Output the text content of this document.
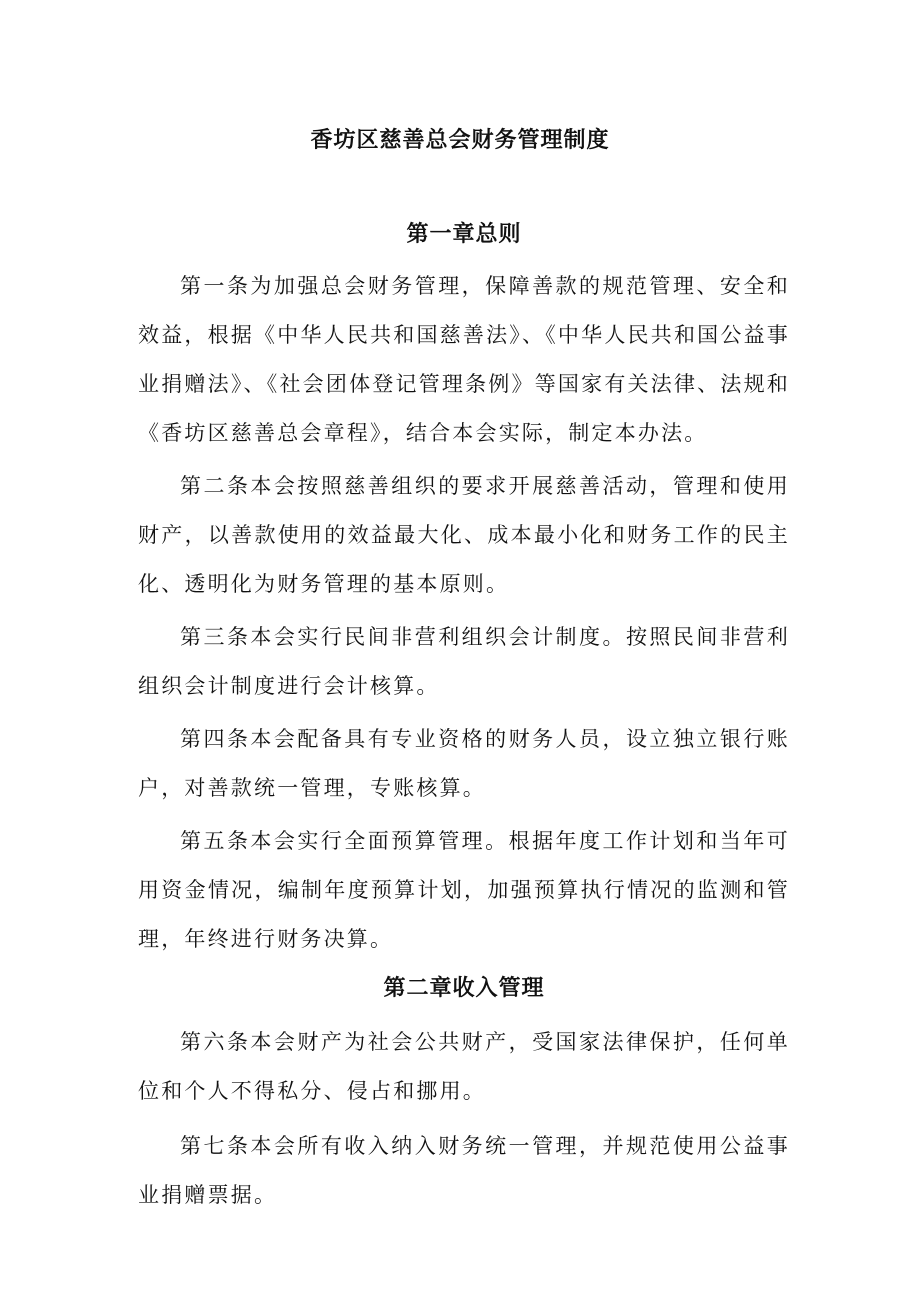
香坊区慈善总会财务管理制度
第一章总则

第一条为加强总会财务管理，保障善款的规范管理、安全和效益，根据《中华人民共和国慈善法》、《中华人民共和国公益事业捐赠法》、《社会团体登记管理条例》等国家有关法律、法规和《香坊区慈善总会章程》，结合本会实际，制定本办法。

第二条本会按照慈善组织的要求开展慈善活动，管理和使用财产，以善款使用的效益最大化、成本最小化和财务工作的民主化、透明化为财务管理的基本原则。

第三条本会实行民间非营利组织会计制度。按照民间非营利组织会计制度进行会计核算。

第四条本会配备具有专业资格的财务人员，设立独立银行账户，对善款统一管理，专账核算。

第五条本会实行全面预算管理。根据年度工作计划和当年可用资金情况，编制年度预算计划，加强预算执行情况的监测和管理，年终进行财务决算。

第二章收入管理

第六条本会财产为社会公共财产，受国家法律保护，任何单位和个人不得私分、侵占和挪用。

第七条本会所有收入纳入财务统一管理，并规范使用公益事业捐赠票据。
